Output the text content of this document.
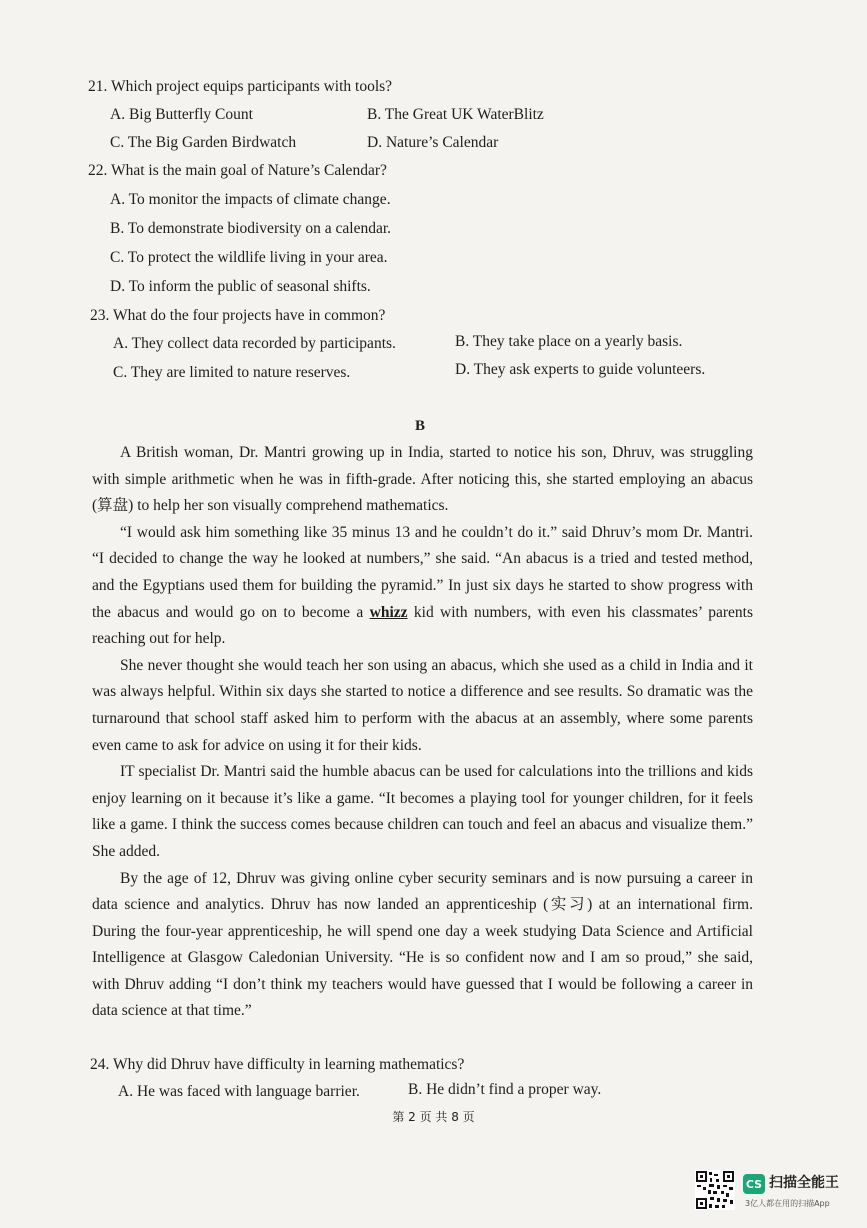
21. Which project equips participants with tools?
A. Big Butterfly Count	B. The Great UK WaterBlitz
C. The Big Garden Birdwatch	D. Nature’s Calendar
22. What is the main goal of Nature’s Calendar?
A. To monitor the impacts of climate change.
B. To demonstrate biodiversity on a calendar.
C. To protect the wildlife living in your area.
D. To inform the public of seasonal shifts.
23. What do the four projects have in common?
A. They collect data recorded by participants.	B. They take place on a yearly basis.
C. They are limited to nature reserves.	D. They ask experts to guide volunteers.
B

A British woman, Dr. Mantri growing up in India, started to notice his son, Dhruv, was struggling with simple arithmetic when he was in fifth-grade. After noticing this, she started employing an abacus (算盘) to help her son visually comprehend mathematics.

“I would ask him something like 35 minus 13 and he couldn’t do it.” said Dhruv’s mom Dr. Mantri. “I decided to change the way he looked at numbers,” she said. “An abacus is a tried and tested method, and the Egyptians used them for building the pyramid.” In just six days he started to show progress with the abacus and would go on to become a whizz kid with numbers, with even his classmates’ parents reaching out for help.

She never thought she would teach her son using an abacus, which she used as a child in India and it was always helpful. Within six days she started to notice a difference and see results. So dramatic was the turnaround that school staff asked him to perform with the abacus at an assembly, where some parents even came to ask for advice on using it for their kids.

IT specialist Dr. Mantri said the humble abacus can be used for calculations into the trillions and kids enjoy learning on it because it’s like a game. “It becomes a playing tool for younger children, for it feels like a game. I think the success comes because children can touch and feel an abacus and visualize them.” She added.

By the age of 12, Dhruv was giving online cyber security seminars and is now pursuing a career in data science and analytics. Dhruv has now landed an apprenticeship (实习) at an international firm. During the four-year apprenticeship, he will spend one day a week studying Data Science and Artificial Intelligence at Glasgow Caledonian University. “He is so confident now and I am so proud,” she said, with Dhruv adding “I don’t think my teachers would have guessed that I would be following a career in data science at that time.”

24. Why did Dhruv have difficulty in learning mathematics?
A. He was faced with language barrier.	B. He didn’t find a proper way.
第 2 页 共 8 页
CS 扫描全能王
3亿人都在用的扫描App
